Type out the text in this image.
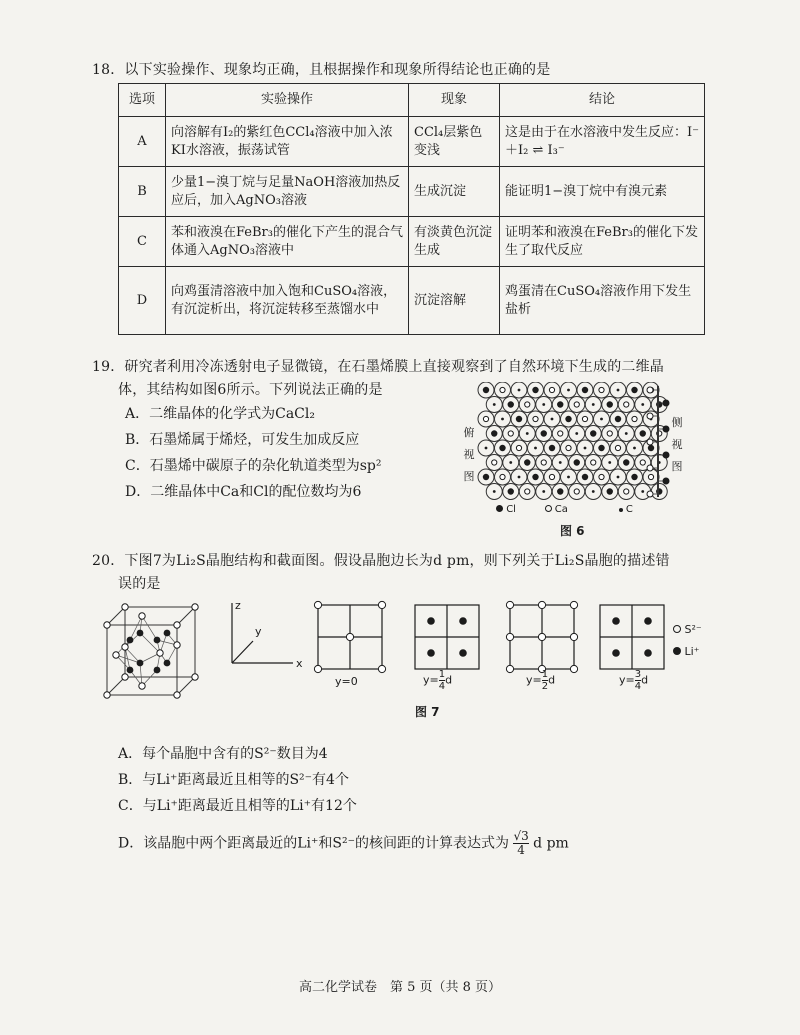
18．以下实验操作、现象均正确，且根据操作和现象所得结论也正确的是
选项	实验操作	现象	结论
A	向溶解有I₂的紫红色CCl₄溶液中加入浓KI水溶液，振荡试管	CCl₄层紫色变浅	这是由于在水溶液中发生反应：I⁻＋I₂ ⇌ I₃⁻
B	少量1−溴丁烷与足量NaOH溶液加热反应后，加入AgNO₃溶液	生成沉淀	能证明1−溴丁烷中有溴元素
C	苯和液溴在FeBr₃的催化下产生的混合气体通入AgNO₃溶液中	有淡黄色沉淀生成	证明苯和液溴在FeBr₃的催化下发生了取代反应
D	向鸡蛋清溶液中加入饱和CuSO₄溶液，有沉淀析出，将沉淀转移至蒸馏水中	沉淀溶解	鸡蛋清在CuSO₄溶液作用下发生盐析
19．研究者利用冷冻透射电子显微镜，在石墨烯膜上直接观察到了自然环境下生成的二维晶
体，其结构如图6所示。下列说法正确的是
A．二维晶体的化学式为CaCl₂
B．石墨烯属于烯烃，可发生加成反应
C．石墨烯中碳原子的杂化轨道类型为sp²
D．二维晶体中Ca和Cl的配位数均为6
俯视图
侧视图
Cl	Ca	C
图 6
20．下图7为Li₂S晶胞结构和截面图。假设晶胞边长为d pm，则下列关于Li₂S晶胞的描述错
误的是
z
y
x
y=0	$y= \frac{1}{4}$ d	$y= \frac{1}{2}$ d	$y= \frac{3}{4}$ d
S²⁻
Li⁺
图 7
A．每个晶胞中含有的S²⁻数目为4
B．与Li⁺距离最近且相等的S²⁻有4个
C．与Li⁺距离最近且相等的Li⁺有12个
D．该晶胞中两个距离最近的Li⁺和S²⁻的核间距的计算表达式为 $\frac{√3}{4}$ d pm
高二化学试卷　第 5 页（共 8 页）
